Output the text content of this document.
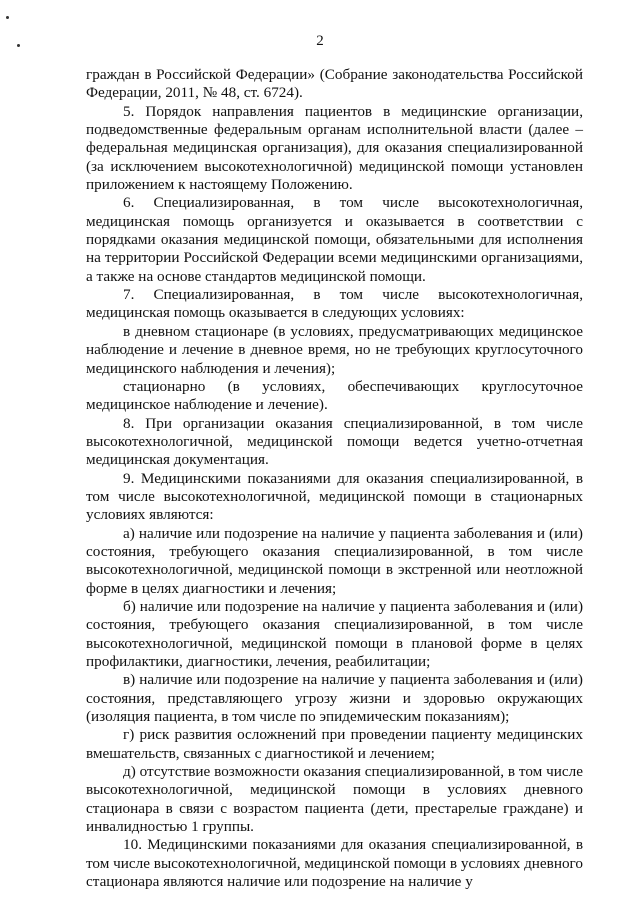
2

граждан в Российской Федерации» (Собрание законодательства Российской Федерации, 2011, № 48, ст. 6724).

5. Порядок направления пациентов в медицинские организации, подведомственные федеральным органам исполнительной власти (далее – федеральная медицинская организация), для оказания специализированной (за исключением высокотехнологичной) медицинской помощи установлен приложением к настоящему Положению.

6. Специализированная, в том числе высокотехнологичная, медицинская помощь организуется и оказывается в соответствии с порядками оказания медицинской помощи, обязательными для исполнения на территории Российской Федерации всеми медицинскими организациями, а также на основе стандартов медицинской помощи.

7. Специализированная, в том числе высокотехнологичная, медицинская помощь оказывается в следующих условиях:

в дневном стационаре (в условиях, предусматривающих медицинское наблюдение и лечение в дневное время, но не требующих круглосуточного медицинского наблюдения и лечения);

стационарно (в условиях, обеспечивающих круглосуточное медицинское наблюдение и лечение).

8. При организации оказания специализированной, в том числе высокотехнологичной, медицинской помощи ведется учетно-отчетная медицинская документация.

9. Медицинскими показаниями для оказания специализированной, в том числе высокотехнологичной, медицинской помощи в стационарных условиях являются:

а) наличие или подозрение на наличие у пациента заболевания и (или) состояния, требующего оказания специализированной, в том числе высокотехнологичной, медицинской помощи в экстренной или неотложной форме в целях диагностики и лечения;

б) наличие или подозрение на наличие у пациента заболевания и (или) состояния, требующего оказания специализированной, в том числе высокотехнологичной, медицинской помощи в плановой форме в целях профилактики, диагностики, лечения, реабилитации;

в) наличие или подозрение на наличие у пациента заболевания и (или) состояния, представляющего угрозу жизни и здоровью окружающих (изоляция пациента, в том числе по эпидемическим показаниям);

г) риск развития осложнений при проведении пациенту медицинских вмешательств, связанных с диагностикой и лечением;

д) отсутствие возможности оказания специализированной, в том числе высокотехнологичной, медицинской помощи в условиях дневного стационара в связи с возрастом пациента (дети, престарелые граждане) и инвалидностью 1 группы.

10. Медицинскими показаниями для оказания специализированной, в том числе высокотехнологичной, медицинской помощи в условиях дневного стационара являются наличие или подозрение на наличие у
